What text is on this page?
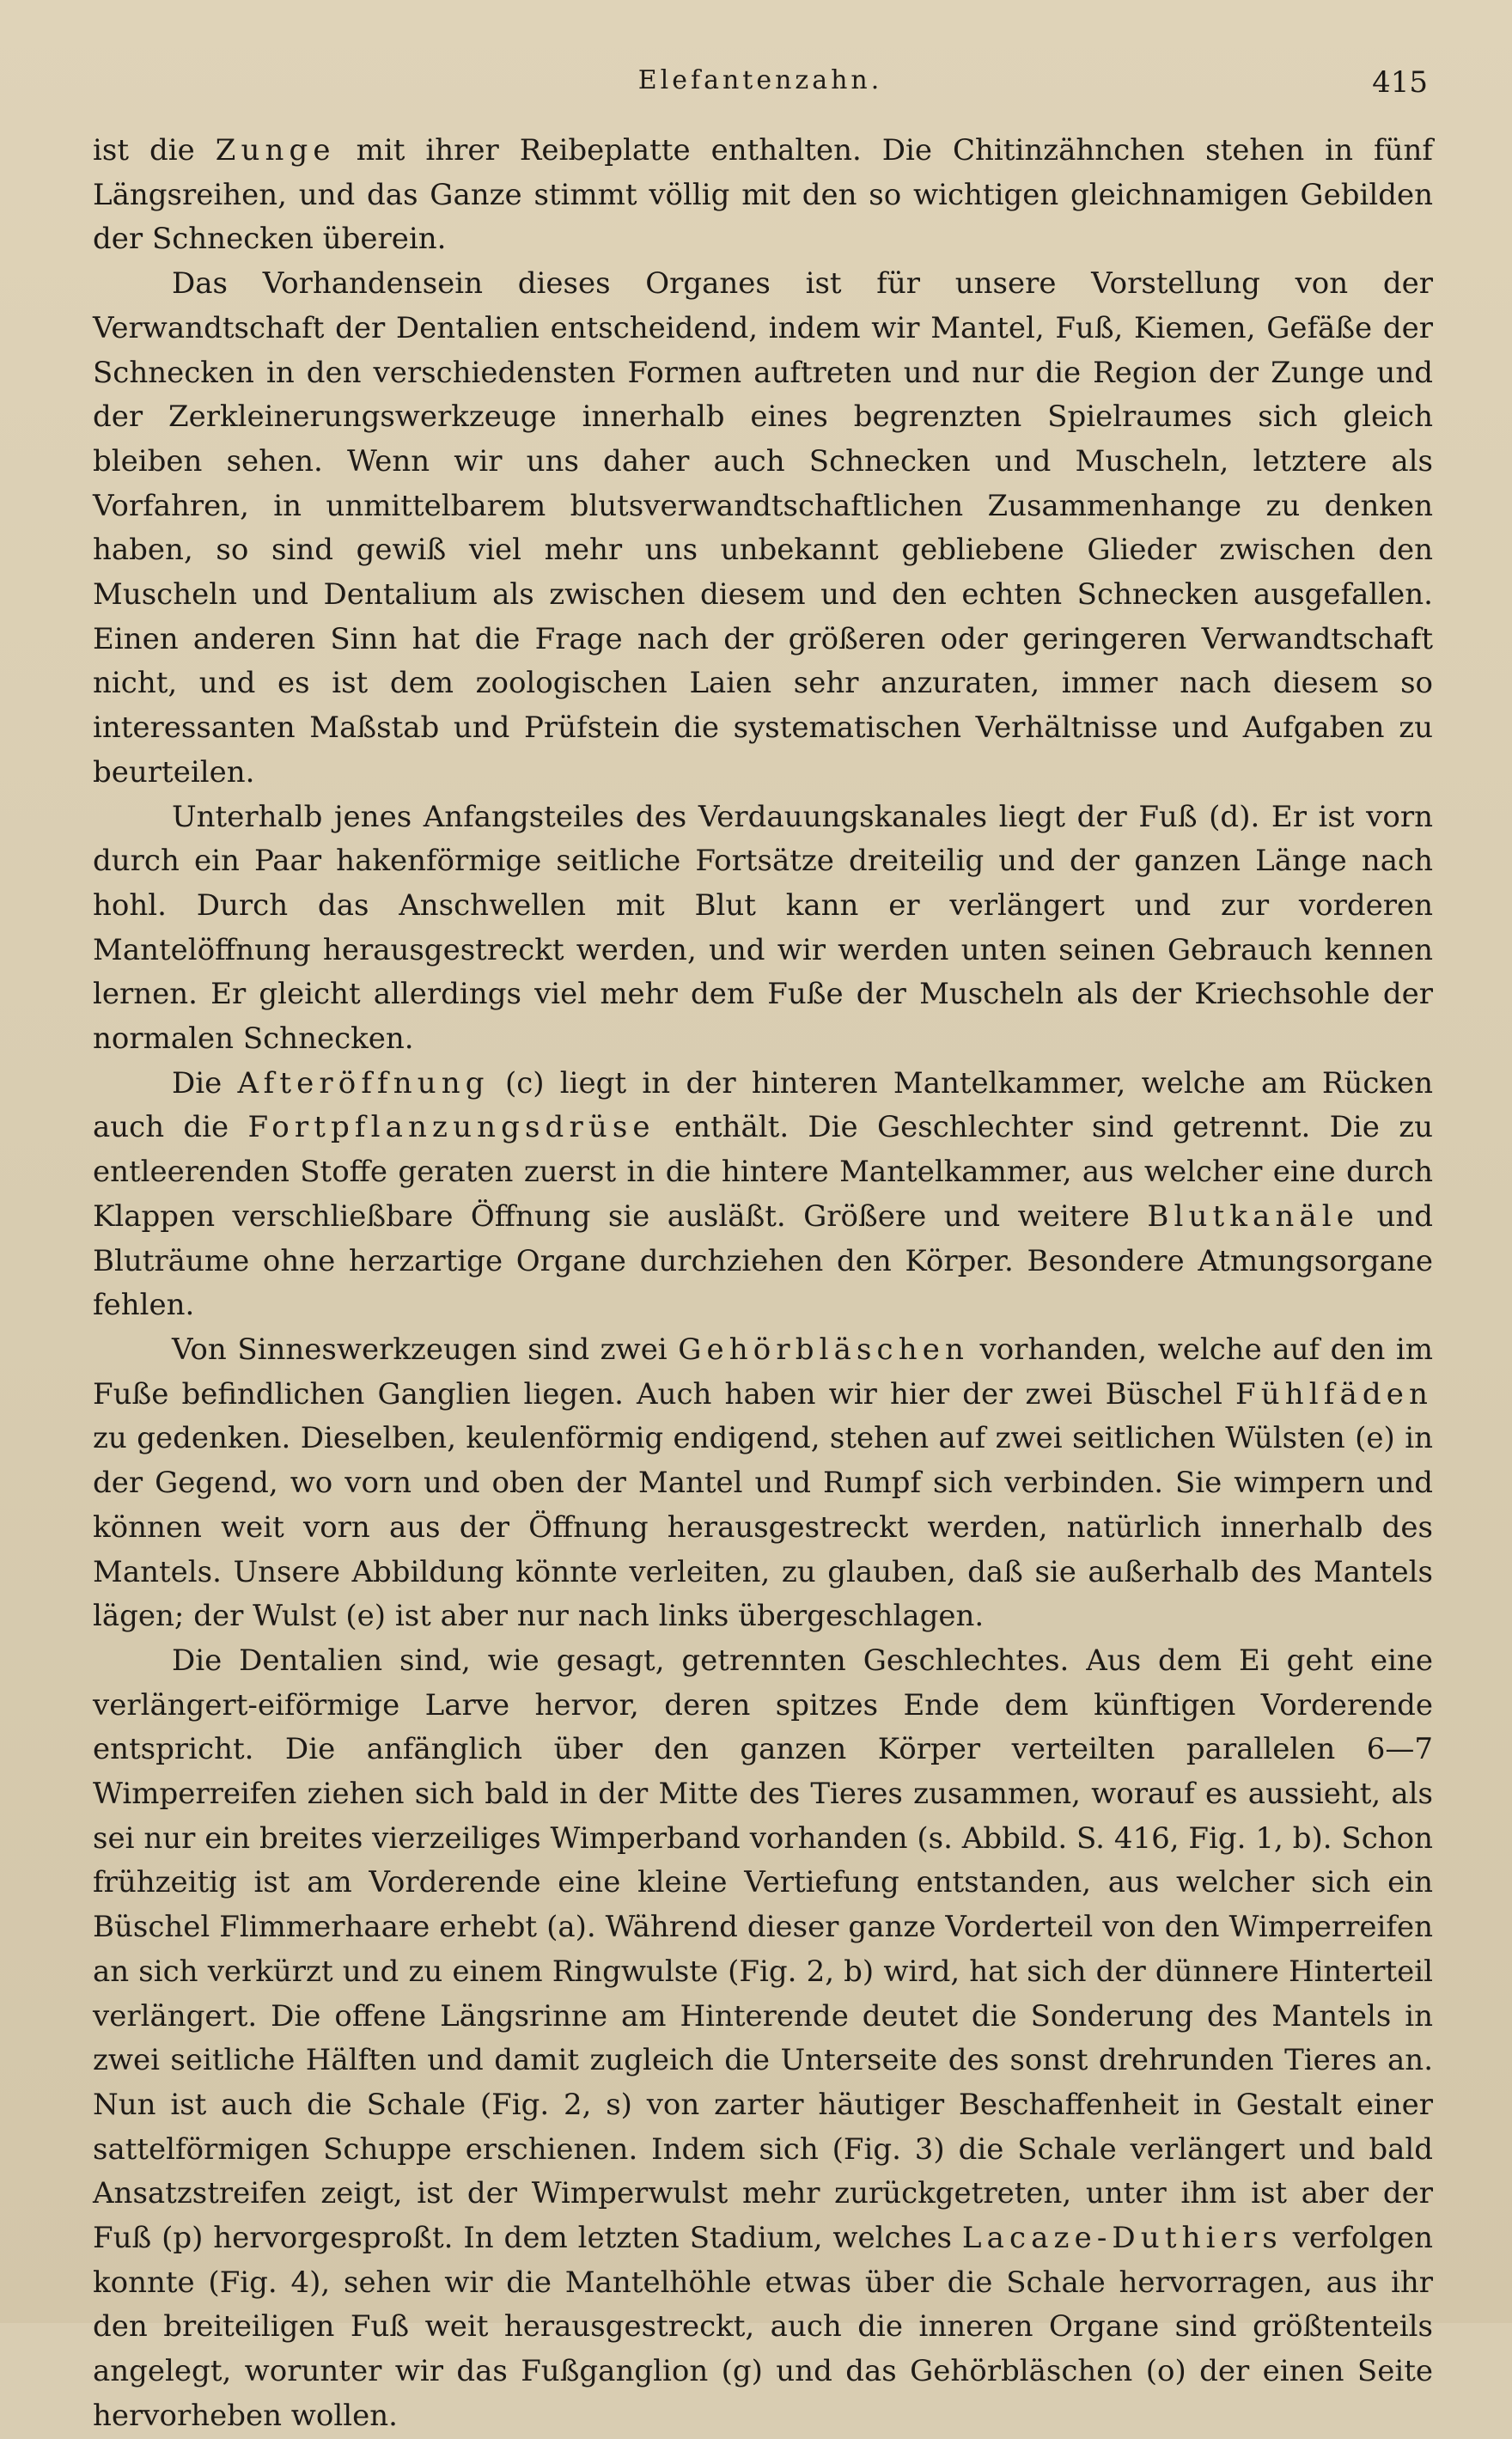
Elefantenzahn.	415

ist die Zunge mit ihrer Reibeplatte enthalten. Die Chitinzähnchen stehen in fünf Längsreihen, und das Ganze stimmt völlig mit den so wichtigen gleichnamigen Gebilden der Schnecken überein.

Das Vorhandensein dieses Organes ist für unsere Vorstellung von der Verwandtschaft der Dentalien entscheidend, indem wir Mantel, Fuß, Kiemen, Gefäße der Schnecken in den verschiedensten Formen auftreten und nur die Region der Zunge und der Zerkleinerungswerkzeuge innerhalb eines begrenzten Spielraumes sich gleich bleiben sehen. Wenn wir uns daher auch Schnecken und Muscheln, letztere als Vorfahren, in unmittelbarem blutsverwandtschaftlichen Zusammenhange zu denken haben, so sind gewiß viel mehr uns unbekannt gebliebene Glieder zwischen den Muscheln und Dentalium als zwischen diesem und den echten Schnecken ausgefallen. Einen anderen Sinn hat die Frage nach der größeren oder geringeren Verwandtschaft nicht, und es ist dem zoologischen Laien sehr anzuraten, immer nach diesem so interessanten Maßstab und Prüfstein die systematischen Verhältnisse und Aufgaben zu beurteilen.

Unterhalb jenes Anfangsteiles des Verdauungskanales liegt der Fuß (d). Er ist vorn durch ein Paar hakenförmige seitliche Fortsätze dreiteilig und der ganzen Länge nach hohl. Durch das Anschwellen mit Blut kann er verlängert und zur vorderen Mantelöffnung herausgestreckt werden, und wir werden unten seinen Gebrauch kennen lernen. Er gleicht allerdings viel mehr dem Fuße der Muscheln als der Kriechsohle der normalen Schnecken.

Die Afteröffnung (c) liegt in der hinteren Mantelkammer, welche am Rücken auch die Fortpflanzungsdrüse enthält. Die Geschlechter sind getrennt. Die zu entleerenden Stoffe geraten zuerst in die hintere Mantelkammer, aus welcher eine durch Klappen verschließbare Öffnung sie ausläßt. Größere und weitere Blutkanäle und Bluträume ohne herzartige Organe durchziehen den Körper. Besondere Atmungsorgane fehlen.

Von Sinneswerkzeugen sind zwei Gehörbläschen vorhanden, welche auf den im Fuße befindlichen Ganglien liegen. Auch haben wir hier der zwei Büschel Fühlfäden zu gedenken. Dieselben, keulenförmig endigend, stehen auf zwei seitlichen Wülsten (e) in der Gegend, wo vorn und oben der Mantel und Rumpf sich verbinden. Sie wimpern und können weit vorn aus der Öffnung herausgestreckt werden, natürlich innerhalb des Mantels. Unsere Abbildung könnte verleiten, zu glauben, daß sie außerhalb des Mantels lägen; der Wulst (e) ist aber nur nach links übergeschlagen.

Die Dentalien sind, wie gesagt, getrennten Geschlechtes. Aus dem Ei geht eine verlängert-eiförmige Larve hervor, deren spitzes Ende dem künftigen Vorderende entspricht. Die anfänglich über den ganzen Körper verteilten parallelen 6—7 Wimperreifen ziehen sich bald in der Mitte des Tieres zusammen, worauf es aussieht, als sei nur ein breites vierzeiliges Wimperband vorhanden (s. Abbild. S. 416, Fig. 1, b). Schon frühzeitig ist am Vorderende eine kleine Vertiefung entstanden, aus welcher sich ein Büschel Flimmerhaare erhebt (a). Während dieser ganze Vorderteil von den Wimperreifen an sich verkürzt und zu einem Ringwulste (Fig. 2, b) wird, hat sich der dünnere Hinterteil verlängert. Die offene Längsrinne am Hinterende deutet die Sonderung des Mantels in zwei seitliche Hälften und damit zugleich die Unterseite des sonst drehrunden Tieres an. Nun ist auch die Schale (Fig. 2, s) von zarter häutiger Beschaffenheit in Gestalt einer sattelförmigen Schuppe erschienen. Indem sich (Fig. 3) die Schale verlängert und bald Ansatzstreifen zeigt, ist der Wimperwulst mehr zurückgetreten, unter ihm ist aber der Fuß (p) hervorgesproßt. In dem letzten Stadium, welches Lacaze-Duthiers verfolgen konnte (Fig. 4), sehen wir die Mantelhöhle etwas über die Schale hervorragen, aus ihr den breiteiligen Fuß weit herausgestreckt, auch die inneren Organe sind größtenteils angelegt, worunter wir das Fußganglion (g) und das Gehörbläschen (o) der einen Seite hervorheben wollen.
